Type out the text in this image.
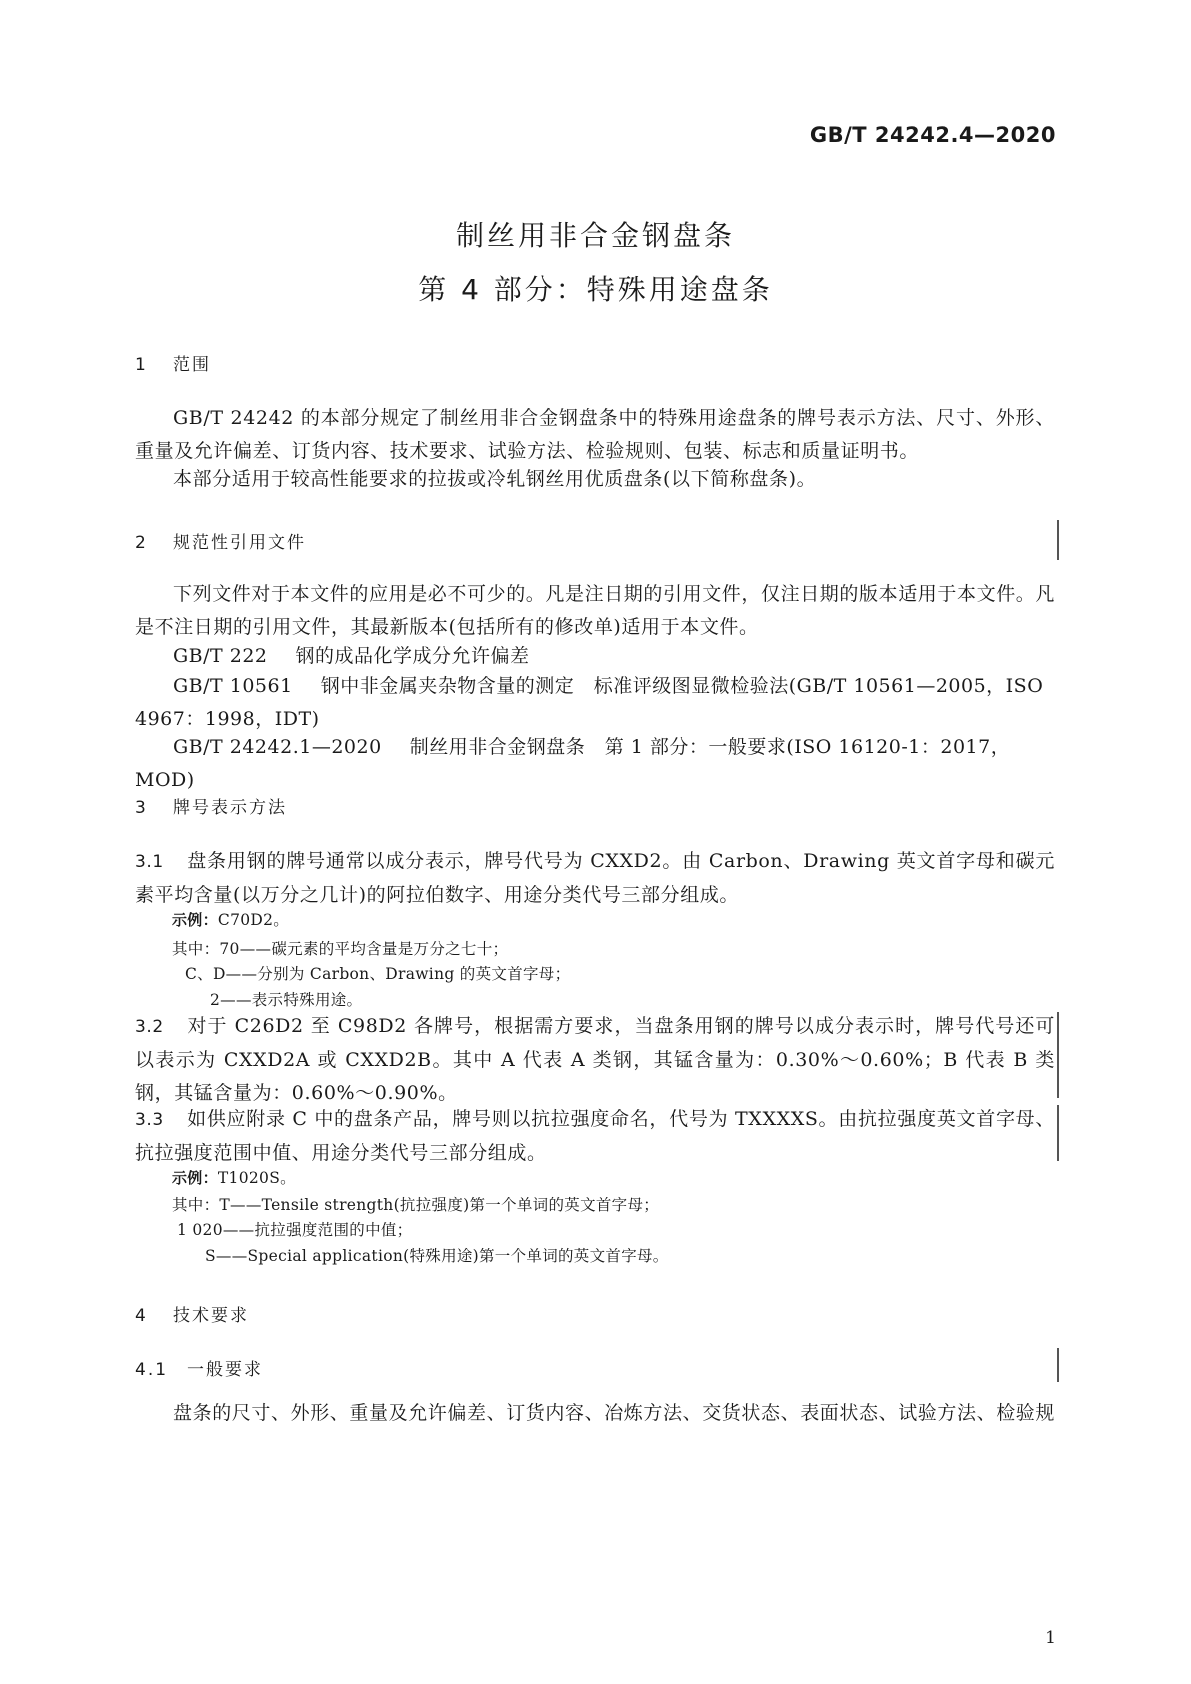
GB/T 24242.4—2020
制丝用非合金钢盘条
第 4 部分：特殊用途盘条
1 范围
GB/T 24242 的本部分规定了制丝用非合金钢盘条中的特殊用途盘条的牌号表示方法、尺寸、外形、重量及允许偏差、订货内容、技术要求、试验方法、检验规则、包装、标志和质量证明书。
本部分适用于较高性能要求的拉拔或冷轧钢丝用优质盘条(以下简称盘条)。
2 规范性引用文件
下列文件对于本文件的应用是必不可少的。凡是注日期的引用文件，仅注日期的版本适用于本文件。凡是不注日期的引用文件，其最新版本(包括所有的修改单)适用于本文件。
GB/T 222 钢的成品化学成分允许偏差
GB/T 10561 钢中非金属夹杂物含量的测定　标准评级图显微检验法(GB/T 10561—2005，ISO 4967：1998，IDT)
GB/T 24242.1—2020 制丝用非合金钢盘条　第 1 部分：一般要求(ISO 16120-1：2017，MOD)
3 牌号表示方法
3.1 盘条用钢的牌号通常以成分表示，牌号代号为 CXXD2。由 Carbon、Drawing 英文首字母和碳元素平均含量(以万分之几计)的阿拉伯数字、用途分类代号三部分组成。
示例：C70D2。
其中：70——碳元素的平均含量是万分之七十；
C、D——分别为 Carbon、Drawing 的英文首字母；
2——表示特殊用途。
3.2 对于 C26D2 至 C98D2 各牌号，根据需方要求，当盘条用钢的牌号以成分表示时，牌号代号还可以表示为 CXXD2A 或 CXXD2B。其中 A 代表 A 类钢，其锰含量为：0.30%～0.60%；B 代表 B 类钢，其锰含量为：0.60%～0.90%。
3.3 如供应附录 C 中的盘条产品，牌号则以抗拉强度命名，代号为 TXXXXS。由抗拉强度英文首字母、抗拉强度范围中值、用途分类代号三部分组成。
示例：T1020S。
其中：T——Tensile strength(抗拉强度)第一个单词的英文首字母；
1 020——抗拉强度范围的中值；
S——Special application(特殊用途)第一个单词的英文首字母。
4 技术要求
4.1 一般要求
盘条的尺寸、外形、重量及允许偏差、订货内容、冶炼方法、交货状态、表面状态、试验方法、检验规
1
